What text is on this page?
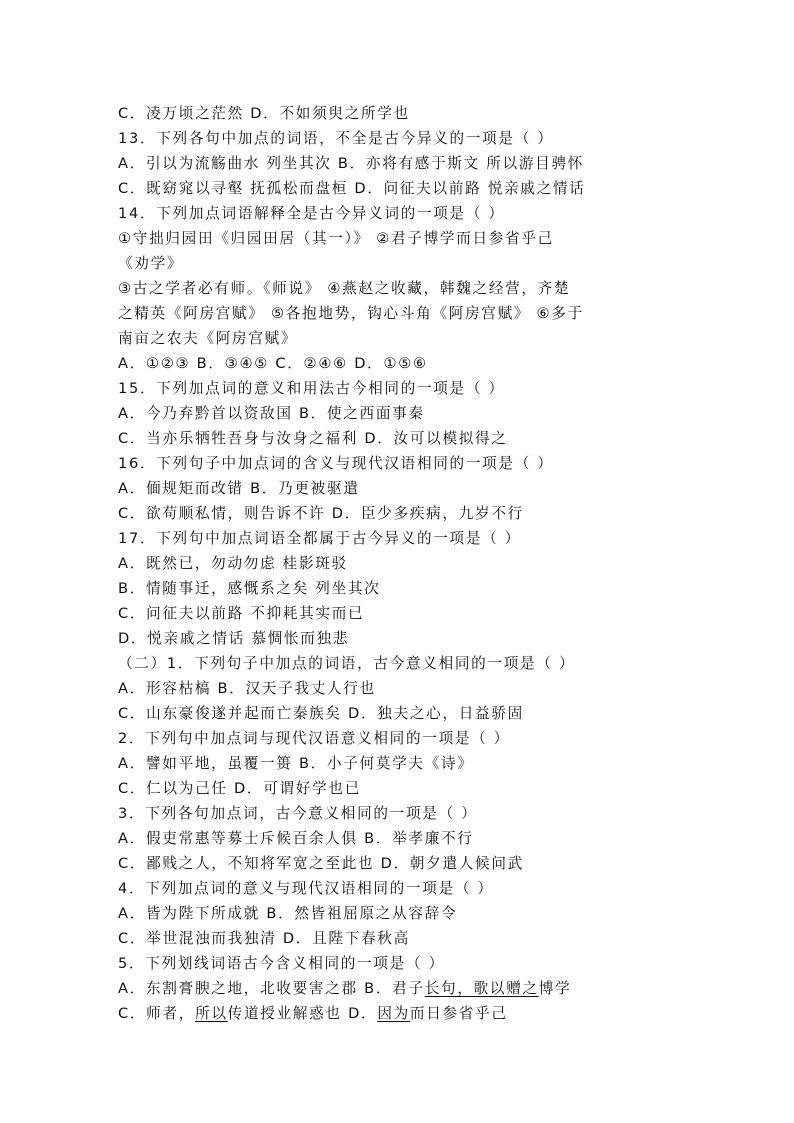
C．凌万顷之茫然 D．不如须臾之所学也
13．下列各句中加点的词语，不全是古今异义的一项是（ ）
A．引以为流觞曲水 列坐其次 B．亦将有感于斯文 所以游目骋怀
C．既窈窕以寻壑 抚孤松而盘桓 D．问征夫以前路 悦亲戚之情话
14．下列加点词语解释全是古今异义词的一项是（ ）
①守拙归园田《归园田居（其一）》 ②君子博学而日参省乎己
《劝学》
③古之学者必有师。《师说》 ④燕赵之收藏，韩魏之经营，齐楚
之精英《阿房宫赋》 ⑤各抱地势，钩心斗角《阿房宫赋》 ⑥多于
南亩之农夫《阿房宫赋》
A．①②③ B．③④⑤ C．②④⑥ D．①⑤⑥
15．下列加点词的意义和用法古今相同的一项是（ ）
A．今乃弃黔首以资敌国 B．使之西面事秦
C．当亦乐牺牲吾身与汝身之福利 D．汝可以模拟得之
16．下列句子中加点词的含义与现代汉语相同的一项是（ ）
A．偭规矩而改错 B．乃更被驱遣
C．欲苟顺私情，则告诉不许 D．臣少多疾病，九岁不行
17．下列句中加点词语全都属于古今异义的一项是（ ）
A．既然已，勿动勿虑 桂影斑驳
B．情随事迁，感慨系之矣 列坐其次
C．问征夫以前路 不抑耗其实而已
D．悦亲戚之情话 慕惆怅而独悲
（二）1．下列句子中加点的词语，古今意义相同的一项是（ ）
A．形容枯槁 B．汉天子我丈人行也
C．山东豪俊遂并起而亡秦族矣 D．独夫之心，日益骄固
2．下列句中加点词与现代汉语意义相同的一项是（ ）
A．譬如平地，虽覆一篑 B．小子何莫学夫《诗》
C．仁以为己任 D．可谓好学也已
3．下列各句加点词，古今意义相同的一项是（ ）
A．假吏常惠等募士斥候百余人俱 B．举孝廉不行
C．鄙贱之人，不知将军宽之至此也 D．朝夕遣人候问武
4．下列加点词的意义与现代汉语相同的一项是（ ）
A．皆为陛下所成就 B．然皆祖屈原之从容辞令
C．举世混浊而我独清 D．且陛下春秋高
5．下列划线词语古今含义相同的一项是（ ）
A．东割膏腴之地，北收要害之郡 B．君子长句，歌以赠之博学
C．师者，所以传道授业解惑也 D．因为而日参省乎己
